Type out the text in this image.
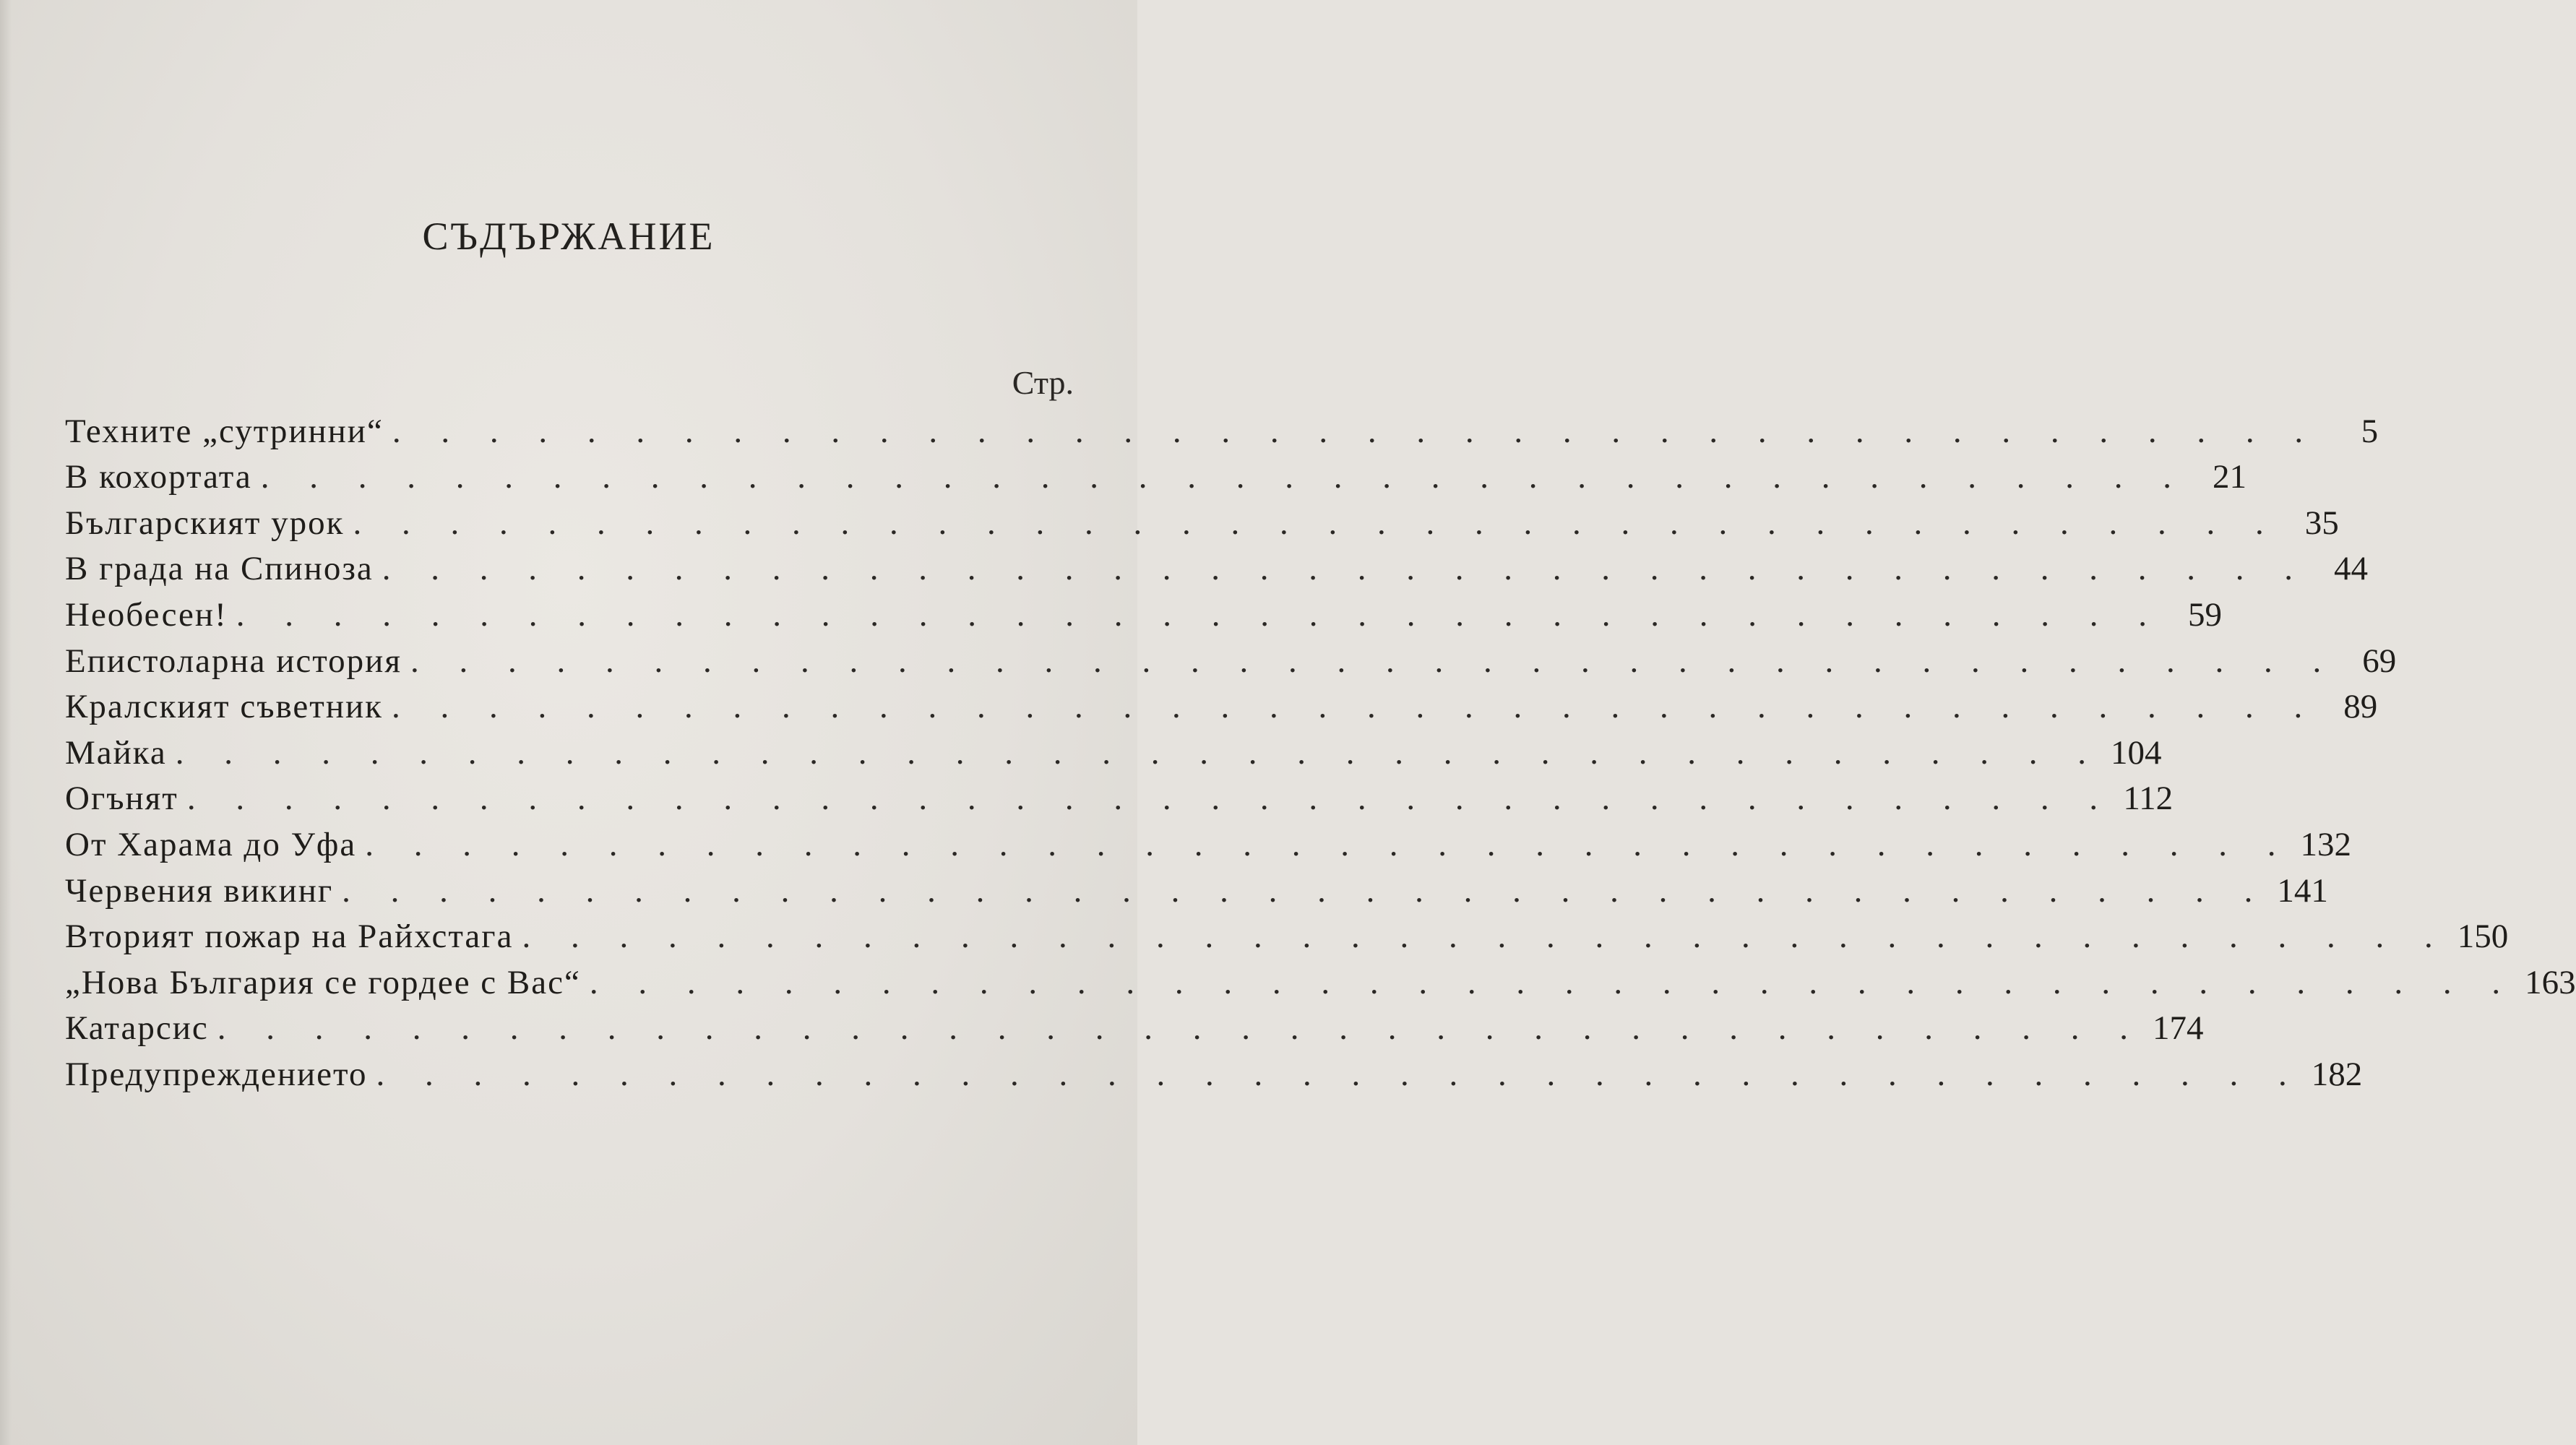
СЪДЪРЖАНИЕ
Стр.
Техните „сутринни“ . . . . . . . . . . . . . . . . . . . . . . . . . . . . . . . . . . . . . . . .	5
В кохортата . . . . . . . . . . . . . . . . . . . . . . . . . . . . . . . . . . . . . . . . 21
Българският урок . . . . . . . . . . . . . . . . . . . . . . . . . . . . . . . . . . . . . . . . 35
В града на Спиноза . . . . . . . . . . . . . . . . . . . . . . . . . . . . . . . . . . . . . . . . 44
Необесен! . . . . . . . . . . . . . . . . . . . . . . . . . . . . . . . . . . . . . . . . 59
Епистоларна история . . . . . . . . . . . . . . . . . . . . . . . . . . . . . . . . . . . . . . . . 69
Кралският съветник . . . . . . . . . . . . . . . . . . . . . . . . . . . . . . . . . . . . . . . . 89
Майка . . . . . . . . . . . . . . . . . . . . . . . . . . . . . . . . . . . . . . . . 104
Огънят . . . . . . . . . . . . . . . . . . . . . . . . . . . . . . . . . . . . . . . . 112
От Харама до Уфа . . . . . . . . . . . . . . . . . . . . . . . . . . . . . . . . . . . . . . . . 132
Червения викинг . . . . . . . . . . . . . . . . . . . . . . . . . . . . . . . . . . . . . . . . 141
Вторият пожар на Райхстага . . . . . . . . . . . . . . . . . . . . . . . . . . . . . . . . . . . . . . . . 150
„Нова България се гордее с Вас“ . . . . . . . . . . . . . . . . . . . . . . . . . . . . . . . . . . . . . . . . 163
Катарсис . . . . . . . . . . . . . . . . . . . . . . . . . . . . . . . . . . . . . . . . 174
Предупреждението . . . . . . . . . . . . . . . . . . . . . . . . . . . . . . . . . . . . . . . . 182
